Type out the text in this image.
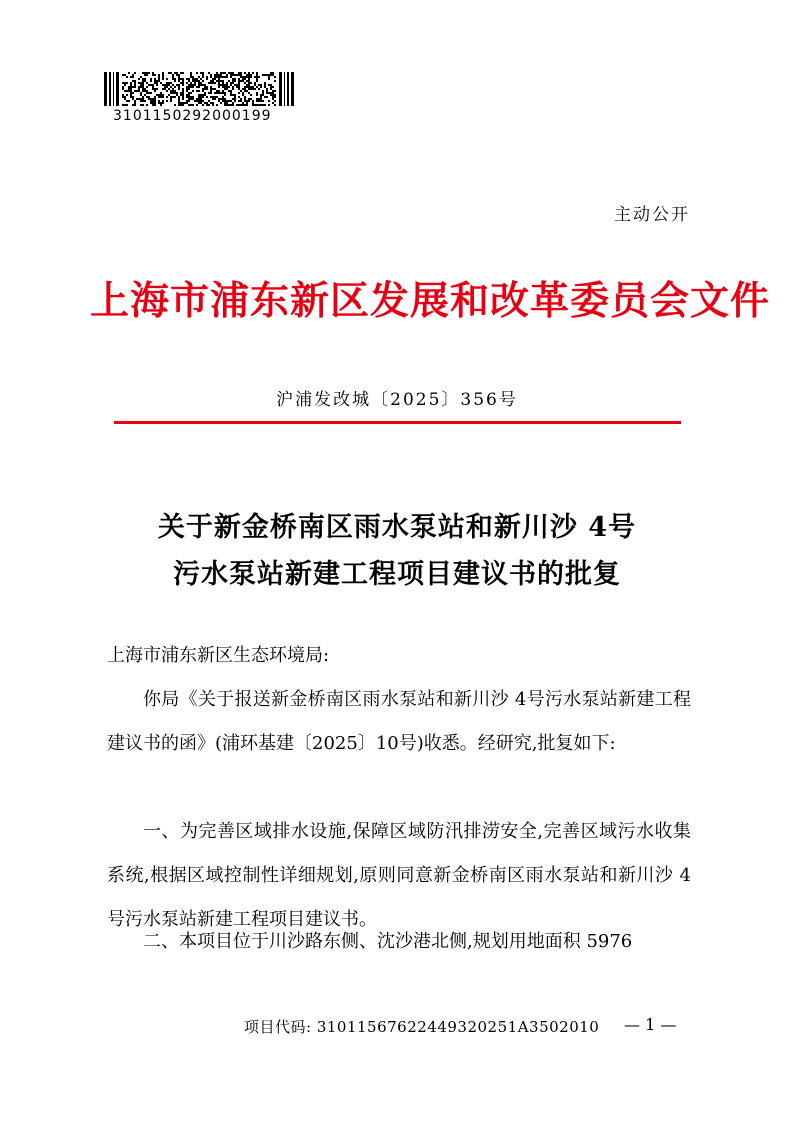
3101150292000199
主动公开
上海市浦东新区发展和改革委员会文件
沪浦发改城〔2025〕356号
关于新金桥南区雨水泵站和新川沙 4号
污水泵站新建工程项目建议书的批复
上海市浦东新区生态环境局:
你局《关于报送新金桥南区雨水泵站和新川沙 4号污水泵站新建工程建议书的函》(浦环基建〔2025〕10号)收悉。经研究,批复如下:
一、为完善区域排水设施,保障区域防汛排涝安全,完善区域污水收集系统,根据区域控制性详细规划,原则同意新金桥南区雨水泵站和新川沙 4号污水泵站新建工程项目建议书。
二、本项目位于川沙路东侧、沈沙港北侧,规划用地面积 5976
项目代码: 31011567622449320251A3502010 — 1 —
